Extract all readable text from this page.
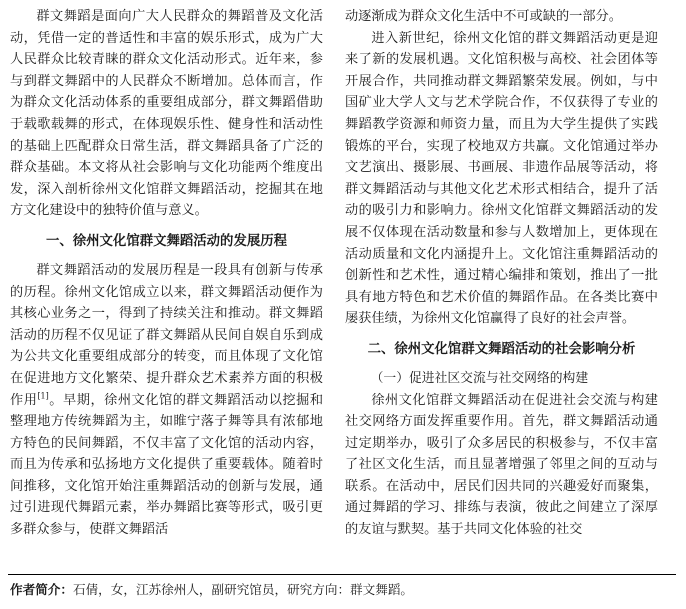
群文舞蹈是面向广大人民群众的舞蹈普及文化活动，凭借一定的普适性和丰富的娱乐形式，成为广大人民群众比较青睐的群众文化活动形式。近年来，参与到群文舞蹈中的人民群众不断增加。总体而言，作为群众文化活动体系的重要组成部分，群文舞蹈借助于载歌载舞的形式，在体现娱乐性、健身性和活动性的基础上匹配群众日常生活，群文舞蹈具备了广泛的群众基础。本文将从社会影响与文化功能两个维度出发，深入剖析徐州文化馆群文舞蹈活动，挖掘其在地方文化建设中的独特价值与意义。

一、徐州文化馆群文舞蹈活动的发展历程

群文舞蹈活动的发展历程是一段具有创新与传承的历程。徐州文化馆成立以来，群文舞蹈活动便作为其核心业务之一，得到了持续关注和推动。群文舞蹈活动的历程不仅见证了群文舞蹈从民间自娱自乐到成为公共文化重要组成部分的转变，而且体现了文化馆在促进地方文化繁荣、提升群众艺术素养方面的积极作用[1]。早期，徐州文化馆的群文舞蹈活动以挖掘和整理地方传统舞蹈为主，如睢宁落子舞等具有浓郁地方特色的民间舞蹈，不仅丰富了文化馆的活动内容，而且为传承和弘扬地方文化提供了重要载体。随着时间推移，文化馆开始注重舞蹈活动的创新与发展，通过引进现代舞蹈元素，举办舞蹈比赛等形式，吸引更多群众参与，使群文舞蹈活

动逐渐成为群众文化生活中不可或缺的一部分。

进入新世纪，徐州文化馆的群文舞蹈活动更是迎来了新的发展机遇。文化馆积极与高校、社会团体等开展合作，共同推动群文舞蹈繁荣发展。例如，与中国矿业大学人文与艺术学院合作，不仅获得了专业的舞蹈教学资源和师资力量，而且为大学生提供了实践锻炼的平台，实现了校地双方共赢。文化馆通过举办文艺演出、摄影展、书画展、非遗作品展等活动，将群文舞蹈活动与其他文化艺术形式相结合，提升了活动的吸引力和影响力。徐州文化馆群文舞蹈活动的发展不仅体现在活动数量和参与人数增加上，更体现在活动质量和文化内涵提升上。文化馆注重舞蹈活动的创新性和艺术性，通过精心编排和策划，推出了一批具有地方特色和艺术价值的舞蹈作品。在各类比赛中屡获佳绩，为徐州文化馆赢得了良好的社会声誉。

二、徐州文化馆群文舞蹈活动的社会影响分析
（一）促进社区交流与社交网络的构建

徐州文化馆群文舞蹈活动在促进社会交流与构建社交网络方面发挥重要作用。首先，群文舞蹈活动通过定期举办，吸引了众多居民的积极参与，不仅丰富了社区文化生活，而且显著增强了邻里之间的互动与联系。在活动中，居民们因共同的兴趣爱好而聚集，通过舞蹈的学习、排练与表演，彼此之间建立了深厚的友谊与默契。基于共同文化体验的社交

作者简介：石倩，女，江苏徐州人，副研究馆员，研究方向：群文舞蹈。
